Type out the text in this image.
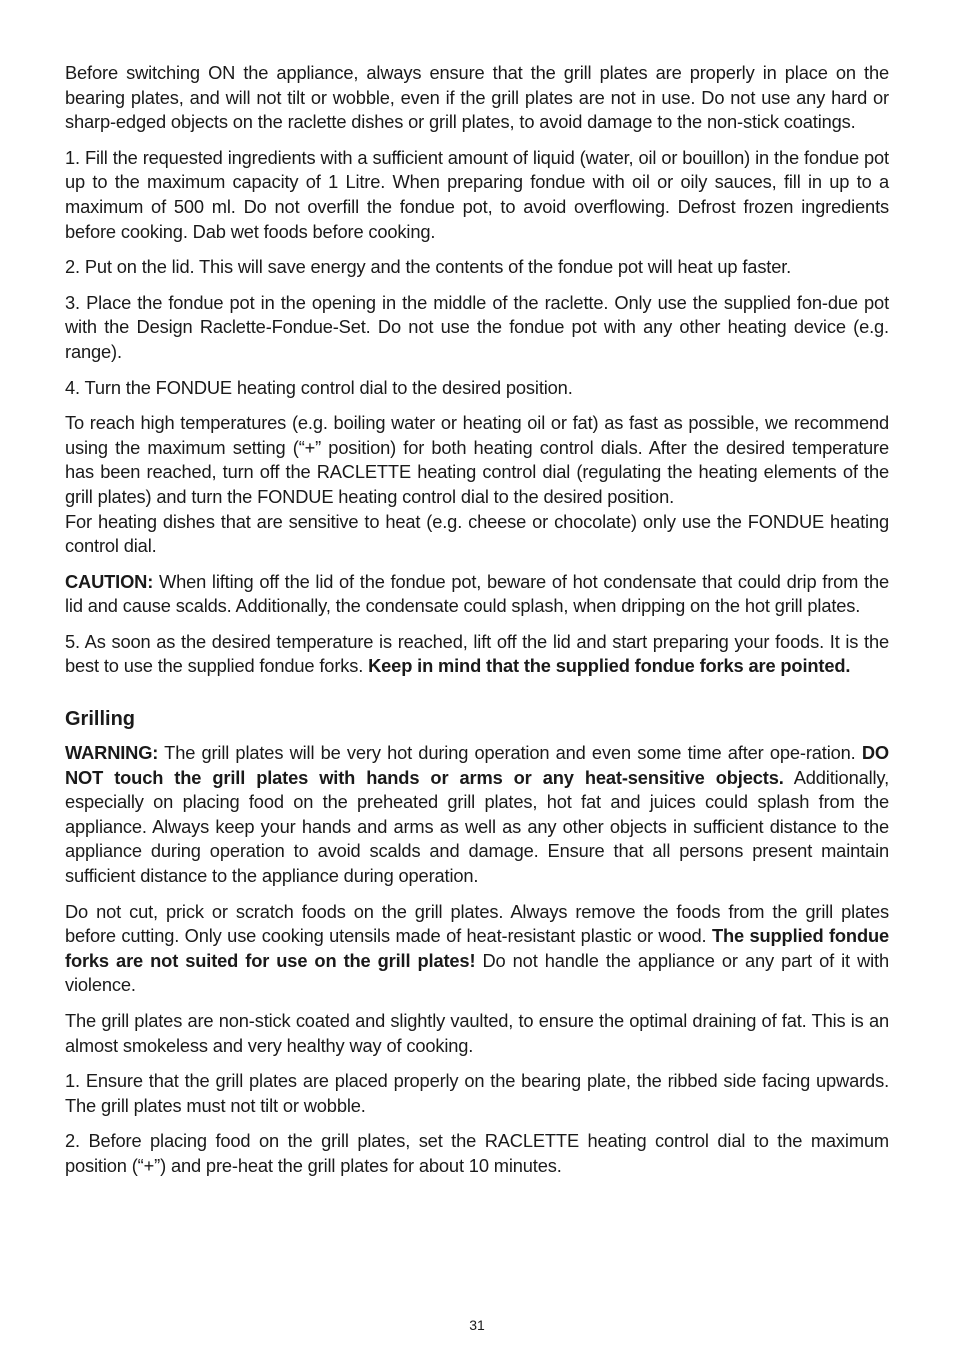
Before switching ON the appliance, always ensure that the grill plates are properly in place on the bearing plates, and will not tilt or wobble, even if the grill plates are not in use. Do not use any hard or sharp-edged objects on the raclette dishes or grill plates, to avoid damage to the non-stick coatings.

1. Fill the requested ingredients with a sufficient amount of liquid (water, oil or bouillon) in the fondue pot up to the maximum capacity of 1 Litre. When preparing fondue with oil or oily sauces, fill in up to a maximum of 500 ml. Do not overfill the fondue pot, to avoid overflowing. Defrost frozen ingredients before cooking. Dab wet foods before cooking.

2. Put on the lid. This will save energy and the contents of the fondue pot will heat up faster.

3. Place the fondue pot in the opening in the middle of the raclette. Only use the supplied fon-due pot with the Design Raclette-Fondue-Set. Do not use the fondue pot with any other heating device (e.g. range).

4. Turn the FONDUE heating control dial to the desired position.

To reach high temperatures (e.g. boiling water or heating oil or fat) as fast as possible, we recommend using the maximum setting (“+” position) for both heating control dials. After the desired temperature has been reached, turn off the RACLETTE heating control dial (regulating the heating elements of the grill plates) and turn the FONDUE heating control dial to the desired position.

For heating dishes that are sensitive to heat (e.g. cheese or chocolate) only use the FONDUE heating control dial.

CAUTION: When lifting off the lid of the fondue pot, beware of hot condensate that could drip from the lid and cause scalds. Additionally, the condensate could splash, when dripping on the hot grill plates.

5. As soon as the desired temperature is reached, lift off the lid and start preparing your foods. It is the best to use the supplied fondue forks. Keep in mind that the supplied fondue forks are pointed.

Grilling

WARNING: The grill plates will be very hot during operation and even some time after ope-ration. DO NOT touch the grill plates with hands or arms or any heat-sensitive objects. Additionally, especially on placing food on the preheated grill plates, hot fat and juices could splash from the appliance. Always keep your hands and arms as well as any other objects in sufficient distance to the appliance during operation to avoid scalds and damage. Ensure that all persons present maintain sufficient distance to the appliance during operation.

Do not cut, prick or scratch foods on the grill plates. Always remove the foods from the grill plates before cutting. Only use cooking utensils made of heat-resistant plastic or wood. The supplied fondue forks are not suited for use on the grill plates! Do not handle the appliance or any part of it with violence.

The grill plates are non-stick coated and slightly vaulted, to ensure the optimal draining of fat. This is an almost smokeless and very healthy way of cooking.

1. Ensure that the grill plates are placed properly on the bearing plate, the ribbed side facing upwards. The grill plates must not tilt or wobble.

2. Before placing food on the grill plates, set the RACLETTE heating control dial to the maximum position (“+”) and pre-heat the grill plates for about 10 minutes.

31
